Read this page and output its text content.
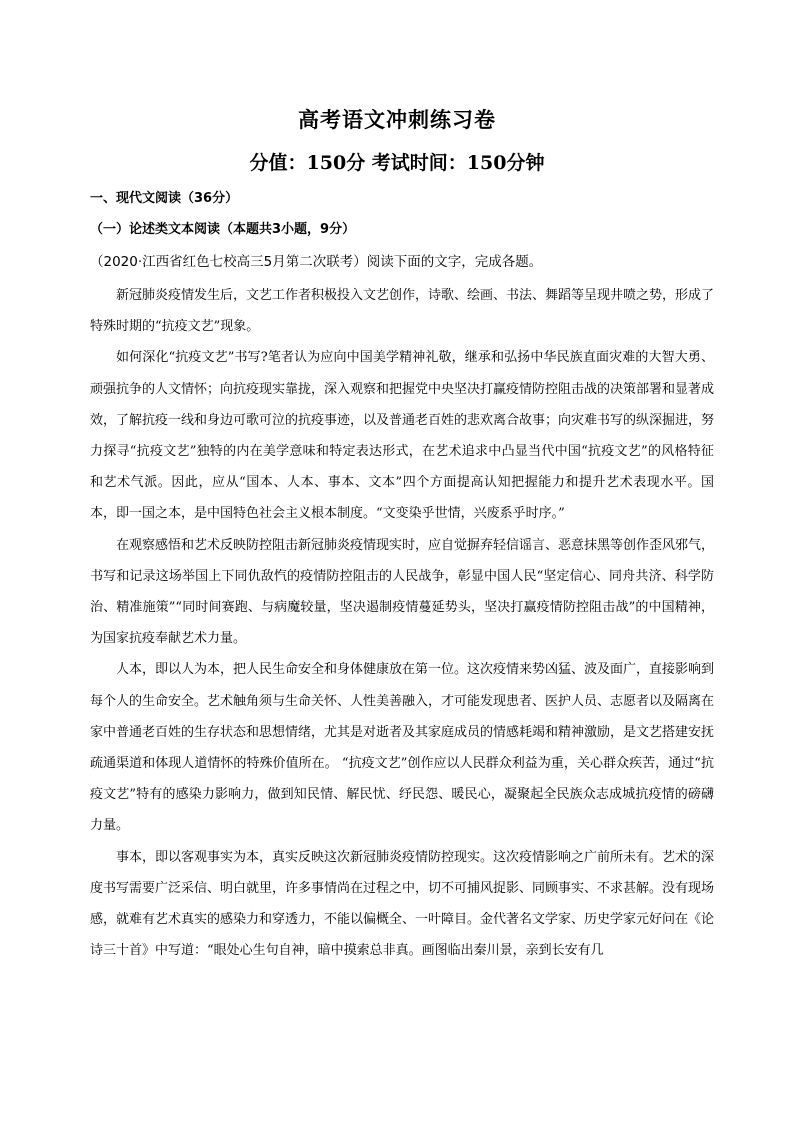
高考语文冲刺练习卷
分值：150分 考试时间：150分钟
一、现代文阅读（36分）
（一）论述类文本阅读（本题共3小题，9分）
（2020·江西省红色七校高三5月第二次联考）阅读下面的文字，完成各题。

新冠肺炎疫情发生后，文艺工作者积极投入文艺创作，诗歌、绘画、书法、舞蹈等呈现井喷之势，形成了特殊时期的“抗疫文艺”现象。

如何深化“抗疫文艺”书写?笔者认为应向中国美学精神礼敬，继承和弘扬中华民族直面灾难的大智大勇、顽强抗争的人文情怀；向抗疫现实靠拢，深入观察和把握党中央坚决打赢疫情防控阻击战的决策部署和显著成效，了解抗疫一线和身边可歌可泣的抗疫事迹，以及普通老百姓的悲欢离合故事；向灾难书写的纵深掘进，努力探寻“抗疫文艺”独特的内在美学意味和特定表达形式，在艺术追求中凸显当代中国“抗疫文艺”的风格特征和艺术气派。因此，应从“国本、人本、事本、文本”四个方面提高认知把握能力和提升艺术表现水平。国本，即一国之本，是中国特色社会主义根本制度。“文变染乎世情，兴废系乎时序。”

在观察感悟和艺术反映防控阻击新冠肺炎疫情现实时，应自觉摒弃轻信谣言、恶意抹黑等创作歪风邪气，书写和记录这场举国上下同仇敌忾的疫情防控阻击的人民战争，彰显中国人民“坚定信心、同舟共济、科学防治、精准施策”“同时间赛跑、与病魔较量，坚决遏制疫情蔓延势头，坚决打赢疫情防控阻击战”的中国精神，为国家抗疫奉献艺术力量。

人本，即以人为本，把人民生命安全和身体健康放在第一位。这次疫情来势凶猛、波及面广，直接影响到每个人的生命安全。艺术触角须与生命关怀、人性美善融入，才可能发现患者、医护人员、志愿者以及隔离在家中普通老百姓的生存状态和思想情绪，尤其是对逝者及其家庭成员的情感耗竭和精神激励，是文艺搭建安抚疏通渠道和体现人道情怀的特殊价值所在。 “抗疫文艺”创作应以人民群众利益为重，关心群众疾苦，通过“抗疫文艺”特有的感染力影响力，做到知民情、解民忧、纾民怨、暖民心，凝聚起全民族众志成城抗疫情的磅礴力量。

事本，即以客观事实为本，真实反映这次新冠肺炎疫情防控现实。这次疫情影响之广前所未有。艺术的深度书写需要广泛采信、明白就里，许多事情尚在过程之中，切不可捕风捉影、同顾事实、不求甚解。没有现场感，就难有艺术真实的感染力和穿透力，不能以偏概全、一叶障目。金代著名文学家、历史学家元好问在《论诗三十首》中写道：“眼处心生句自神，暗中摸索总非真。画图临出秦川景，亲到长安有几
